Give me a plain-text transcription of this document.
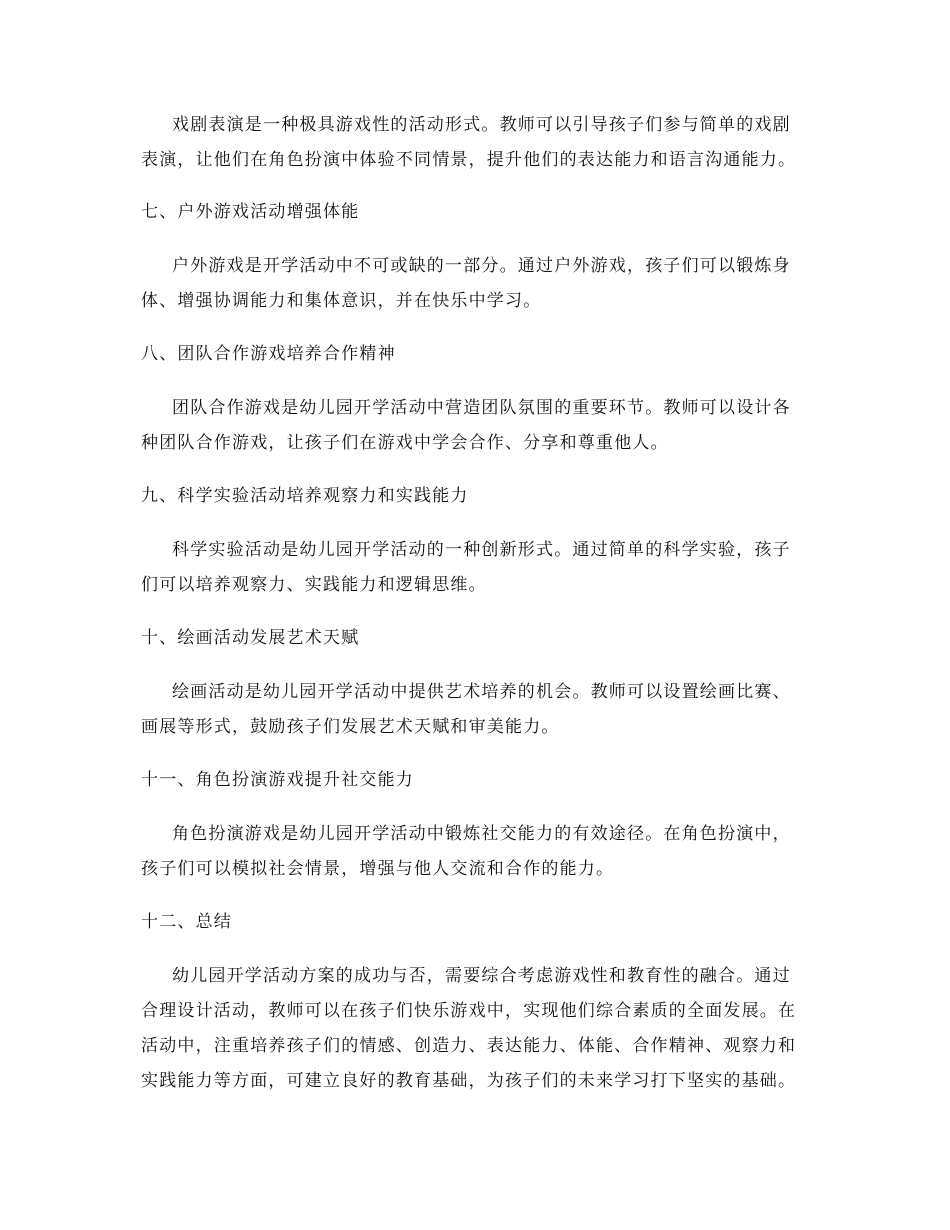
戏剧表演是一种极具游戏性的活动形式。教师可以引导孩子们参与简单的戏剧
表演，让他们在角色扮演中体验不同情景，提升他们的表达能力和语言沟通能力。
七、户外游戏活动增强体能
户外游戏是开学活动中不可或缺的一部分。通过户外游戏，孩子们可以锻炼身
体、增强协调能力和集体意识，并在快乐中学习。
八、团队合作游戏培养合作精神
团队合作游戏是幼儿园开学活动中营造团队氛围的重要环节。教师可以设计各
种团队合作游戏，让孩子们在游戏中学会合作、分享和尊重他人。
九、科学实验活动培养观察力和实践能力
科学实验活动是幼儿园开学活动的一种创新形式。通过简单的科学实验，孩子
们可以培养观察力、实践能力和逻辑思维。
十、绘画活动发展艺术天赋
绘画活动是幼儿园开学活动中提供艺术培养的机会。教师可以设置绘画比赛、
画展等形式，鼓励孩子们发展艺术天赋和审美能力。
十一、角色扮演游戏提升社交能力
角色扮演游戏是幼儿园开学活动中锻炼社交能力的有效途径。在角色扮演中，
孩子们可以模拟社会情景，增强与他人交流和合作的能力。
十二、总结
幼儿园开学活动方案的成功与否，需要综合考虑游戏性和教育性的融合。通过
合理设计活动，教师可以在孩子们快乐游戏中，实现他们综合素质的全面发展。在
活动中，注重培养孩子们的情感、创造力、表达能力、体能、合作精神、观察力和
实践能力等方面，可建立良好的教育基础，为孩子们的未来学习打下坚实的基础。
